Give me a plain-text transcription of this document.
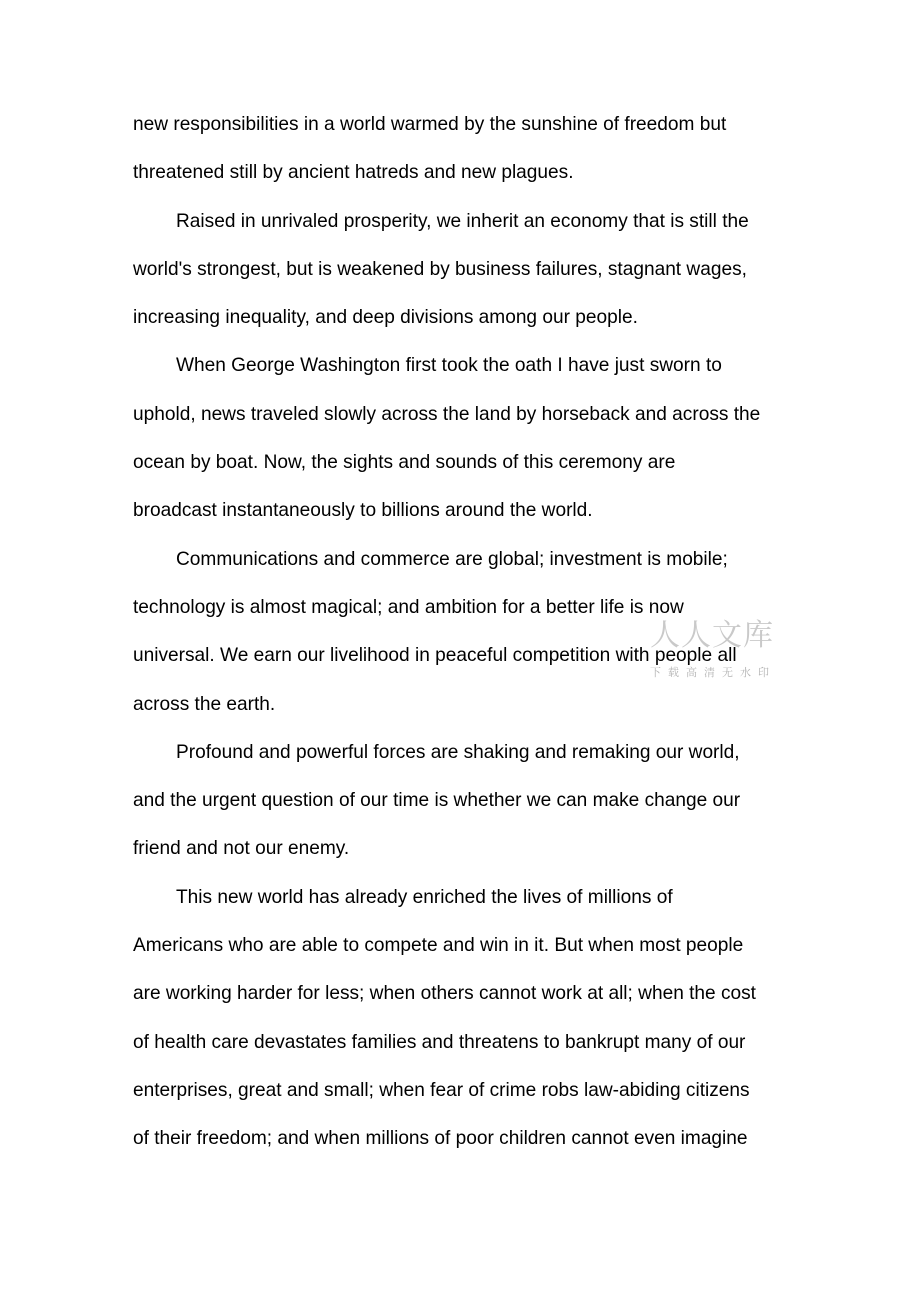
new responsibilities in a world warmed by the sunshine of freedom but
threatened still by ancient hatreds and new plagues.
Raised in unrivaled prosperity, we inherit an economy that is still the
world's strongest, but is weakened by business failures, stagnant wages,
increasing inequality, and deep divisions among our people.
When George Washington first took the oath I have just sworn to
uphold, news traveled slowly across the land by horseback and across the
ocean by boat. Now, the sights and sounds of this ceremony are
broadcast instantaneously to billions around the world.
Communications and commerce are global; investment is mobile;
technology is almost magical; and ambition for a better life is now
universal. We earn our livelihood in peaceful competition with people all
across the earth.
Profound and powerful forces are shaking and remaking our world,
and the urgent question of our time is whether we can make change our
friend and not our enemy.
This new world has already enriched the lives of millions of
Americans who are able to compete and win in it. But when most people
are working harder for less; when others cannot work at all; when the cost
of health care devastates families and threatens to bankrupt many of our
enterprises, great and small; when fear of crime robs law-abiding citizens
of their freedom; and when millions of poor children cannot even imagine
人人文库
下载高清无水印
